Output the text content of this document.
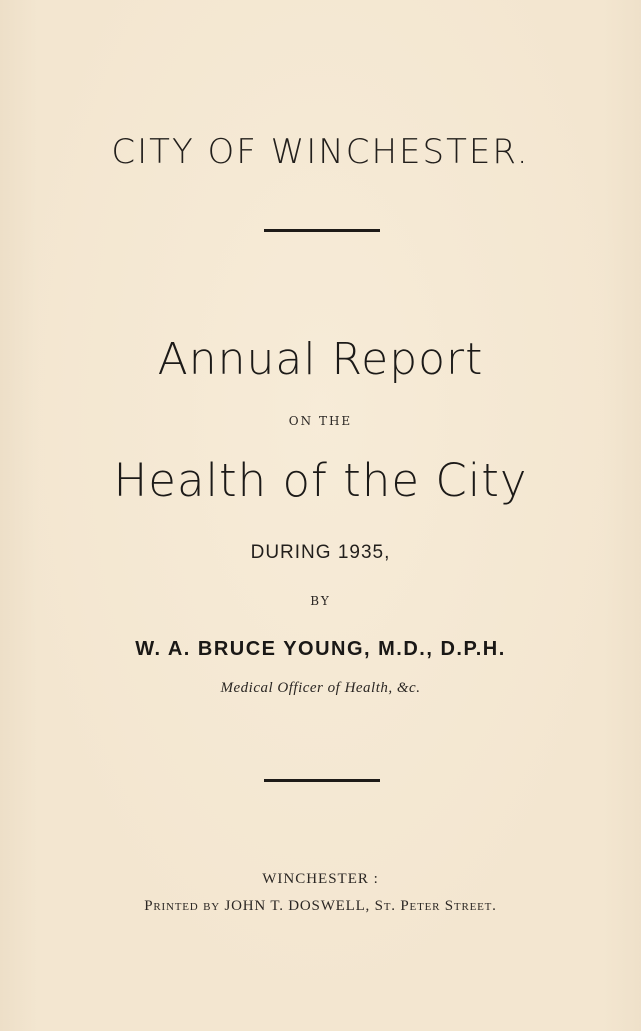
CITY OF WINCHESTER.
Annual Report
ON THE
Health of the City
DURING 1935,
BY
W. A. BRUCE YOUNG, M.D., D.P.H.
Medical Officer of Health, &c.
WINCHESTER :
Printed by JOHN T. DOSWELL, St. Peter Street.
